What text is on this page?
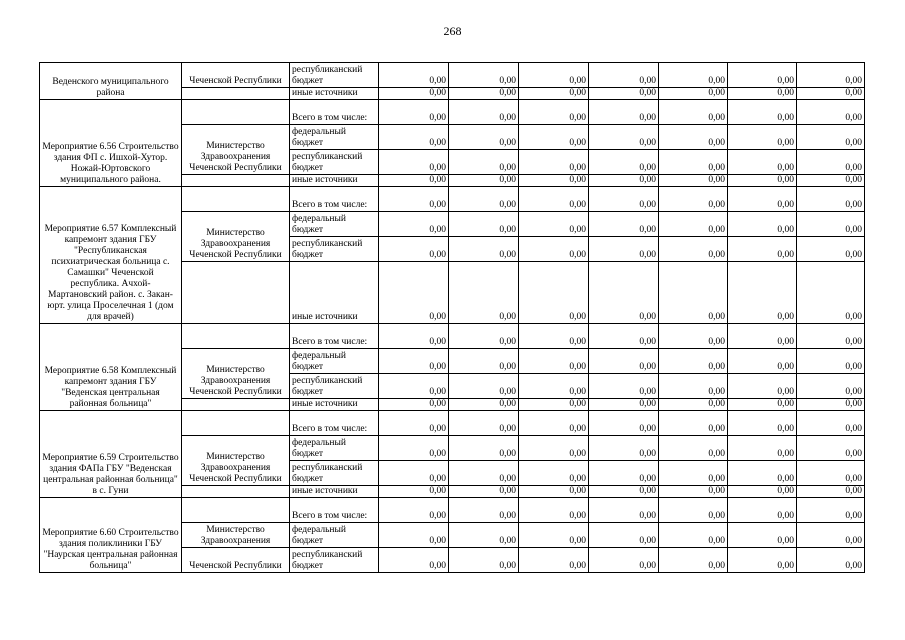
268
Веденского муниципального района	Чеченской Республики	республиканский бюджет	0,00	0,00	0,00	0,00	0,00	0,00	0,00
		иные источники	0,00	0,00	0,00	0,00	0,00	0,00	0,00
Мероприятие 6.56 Строительство здания ФП с. Ишхой-Хутор. Ножай-Юртовского муниципального района.		Всего в том числе:	0,00	0,00	0,00	0,00	0,00	0,00	0,00
	Министерство Здравоохранения Чеченской Республики	федеральный бюджет	0,00	0,00	0,00	0,00	0,00	0,00	0,00
		республиканский бюджет	0,00	0,00	0,00	0,00	0,00	0,00	0,00
		иные источники	0,00	0,00	0,00	0,00	0,00	0,00	0,00
Мероприятие 6.57 Комплексный капремонт здания ГБУ "Республиканская психиатрическая больница с. Самашки" Чеченской республика. Ачхой-Мартановский район. с. Закан-юрт. улица Проселечная 1 (дом для врачей)		Всего в том числе:	0,00	0,00	0,00	0,00	0,00	0,00	0,00
	Министерство Здравоохранения Чеченской Республики	федеральный бюджет	0,00	0,00	0,00	0,00	0,00	0,00	0,00
		республиканский бюджет	0,00	0,00	0,00	0,00	0,00	0,00	0,00
		иные источники	0,00	0,00	0,00	0,00	0,00	0,00	0,00
Мероприятие 6.58 Комплексный капремонт здания ГБУ "Веденская центральная районная больница"		Всего в том числе:	0,00	0,00	0,00	0,00	0,00	0,00	0,00
	Министерство Здравоохранения Чеченской Республики	федеральный бюджет	0,00	0,00	0,00	0,00	0,00	0,00	0,00
		республиканский бюджет	0,00	0,00	0,00	0,00	0,00	0,00	0,00
		иные источники	0,00	0,00	0,00	0,00	0,00	0,00	0,00
Мероприятие 6.59 Строительство здания ФАПа ГБУ "Веденская центральная районная больница" в с. Гуни		Всего в том числе:	0,00	0,00	0,00	0,00	0,00	0,00	0,00
	Министерство Здравоохранения Чеченской Республики	федеральный бюджет	0,00	0,00	0,00	0,00	0,00	0,00	0,00
		республиканский бюджет	0,00	0,00	0,00	0,00	0,00	0,00	0,00
		иные источники	0,00	0,00	0,00	0,00	0,00	0,00	0,00
Мероприятие 6.60 Строительство здания поликлиники ГБУ "Наурская центральная районная больница"		Всего в том числе:	0,00	0,00	0,00	0,00	0,00	0,00	0,00
	Министерство Здравоохранения	федеральный бюджет	0,00	0,00	0,00	0,00	0,00	0,00	0,00
	Чеченской Республики	республиканский бюджет	0,00	0,00	0,00	0,00	0,00	0,00	0,00
